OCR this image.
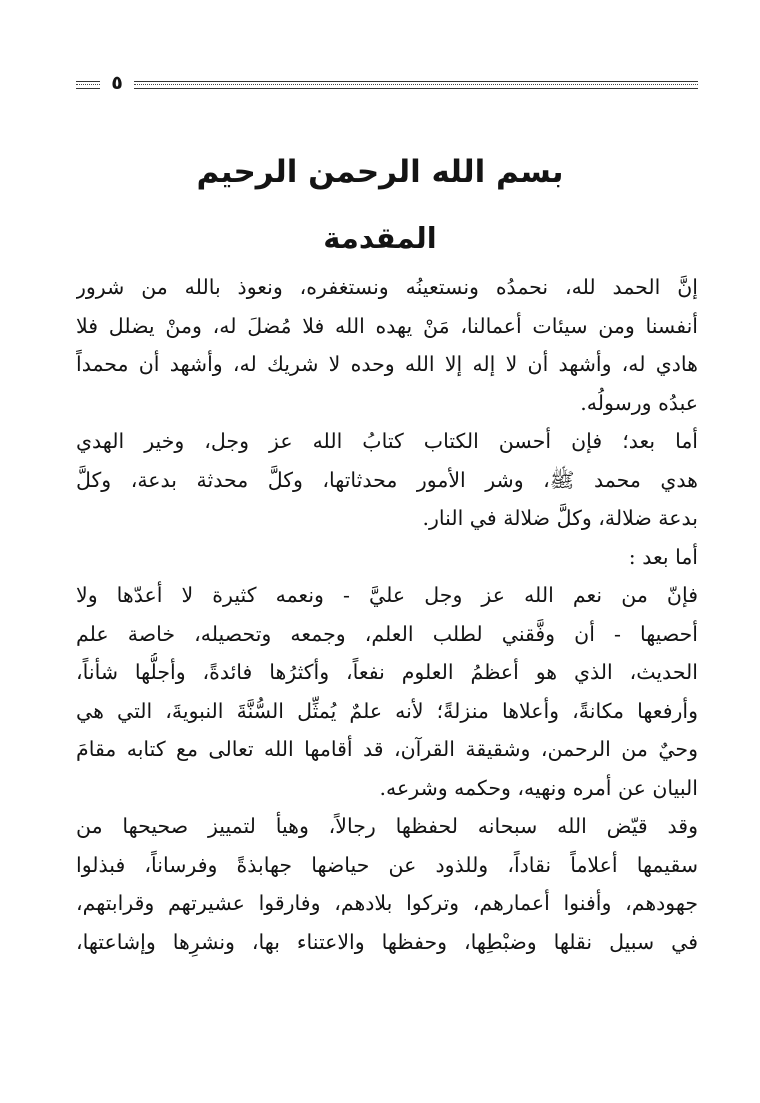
٥
بسم الله الرحمن الرحيم
المقدمة
إنَّ الحمد لله، نحمدُه ونستعينُه ونستغفره، ونعوذ بالله من شرور
أنفسنا ومن سيئات أعمالنا، مَنْ يهده الله فلا مُضلَ له، ومنْ يضلل فلا
هادي له، وأشهد أن لا إله إلا الله وحده لا شريك له، وأشهد أن محمداً
عبدُه ورسولُه.
أما بعد؛ فإن أحسن الكتاب كتابُ الله عز وجل، وخير الهدي
هدي محمد ﷺ، وشر الأمور محدثاتها، وكلَّ محدثة بدعة، وكلَّ
بدعة ضلالة، وكلَّ ضلالة في النار.
أما بعد :
فإنّ من نعم الله عز وجل عليَّ - ونعمه كثيرة لا أعدّها ولا
أحصيها - أن وفَّقني لطلب العلم، وجمعه وتحصيله، خاصة علم
الحديث، الذي هو أعظمُ العلوم نفعاً، وأكثرُها فائدةً، وأجلُّها شأناً،
وأرفعها مكانةً، وأعلاها منزلةً؛ لأنه علمٌ يُمثِّل السُّنَّةَ النبويةَ، التي هي
وحيٌ من الرحمن، وشقيقة القرآن، قد أقامها الله تعالى مع كتابه مقامَ
البيان عن أمره ونهيه، وحكمه وشرعه.
وقد قيّض الله سبحانه لحفظها رجالاً، وهيأ لتمييز صحيحها من
سقيمها أعلاماً نقاداً، وللذود عن حياضها جهابذةً وفرساناً، فبذلوا
جهودهم، وأفنوا أعمارهم، وتركوا بلادهم، وفارقوا عشيرتهم وقرابتهم،
في سبيل نقلها وضبْطِها، وحفظها والاعتناء بها، ونشرِها وإشاعتها،
